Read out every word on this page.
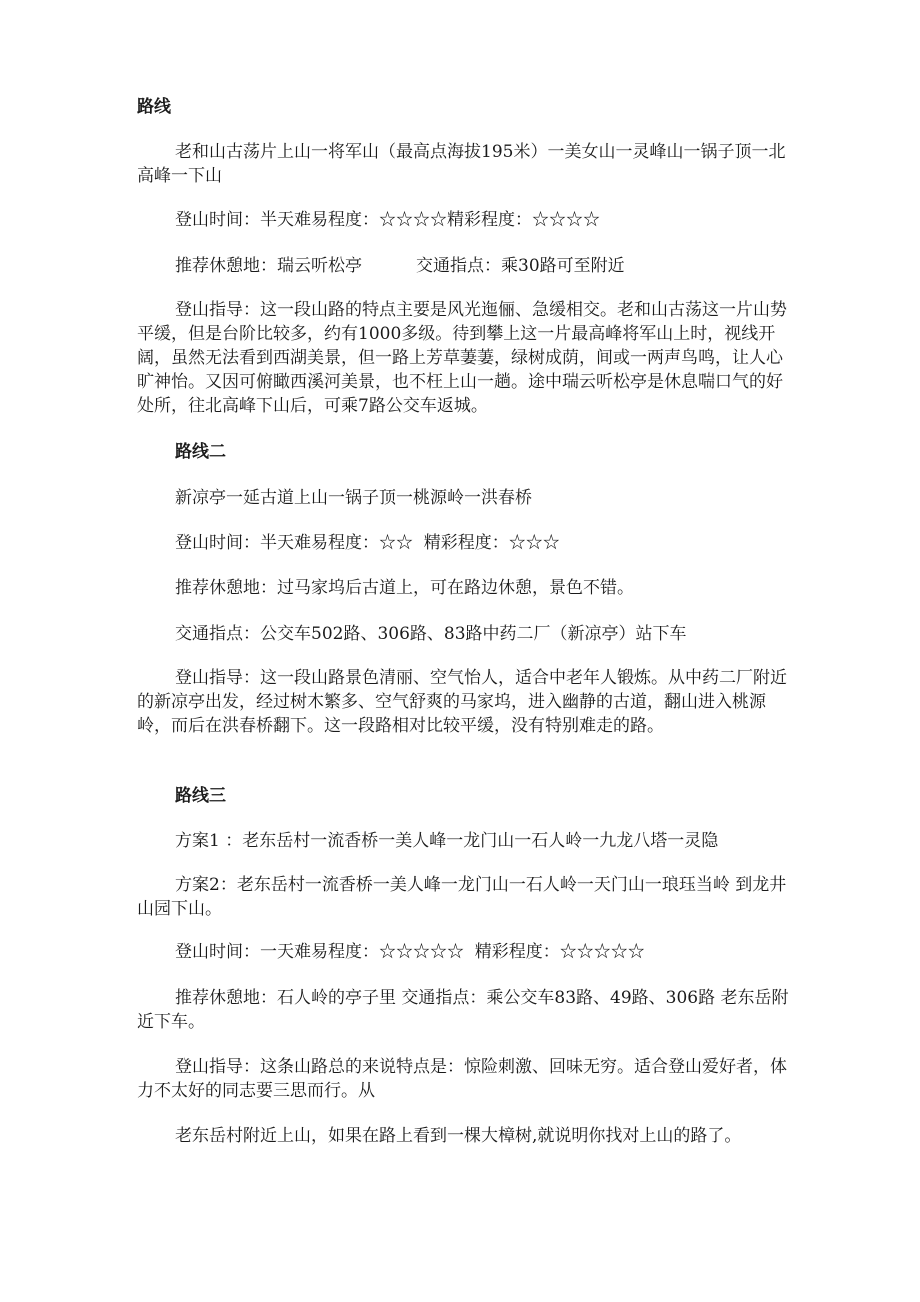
路线
老和山古荡片上山一将军山（最高点海拔195米）一美女山一灵峰山一锅子顶一北高峰一下山
登山时间：半天难易程度：☆☆☆☆精彩程度：☆☆☆☆
推荐休憩地：瑞云听松亭          交通指点：乘30路可至附近
登山指导：这一段山路的特点主要是风光迤俪、急缓相交。老和山古荡这一片山势平缓，但是台阶比较多，约有1000多级。待到攀上这一片最高峰将军山上时，视线开阔，虽然无法看到西湖美景，但一路上芳草萋萋，绿树成荫，间或一两声鸟鸣，让人心旷神怡。又因可俯瞰西溪河美景，也不枉上山一趟。途中瑞云听松亭是休息喘口气的好处所，往北高峰下山后，可乘7路公交车返城。
路线二
新凉亭一延古道上山一锅子顶一桃源岭一洪春桥
登山时间：半天难易程度：☆☆  精彩程度：☆☆☆
推荐休憩地：过马家坞后古道上，可在路边休憩，景色不错。
交通指点：公交车502路、306路、83路中药二厂（新凉亭）站下车
登山指导：这一段山路景色清丽、空气怡人，适合中老年人锻炼。从中药二厂附近的新凉亭出发，经过树木繁多、空气舒爽的马家坞，进入幽静的古道，翻山进入桃源岭，而后在洪春桥翻下。这一段路相对比较平缓，没有特别难走的路。
路线三
方案1 ：老东岳村一流香桥一美人峰一龙门山一石人岭一九龙八塔一灵隐
方案2：老东岳村一流香桥一美人峰一龙门山一石人岭一天门山一琅珏当岭 到龙井山园下山。
登山时间：一天难易程度：☆☆☆☆☆  精彩程度：☆☆☆☆☆
推荐休憩地：石人岭的亭子里 交通指点：乘公交车83路、49路、306路 老东岳附近下车。
登山指导：这条山路总的来说特点是：惊险刺激、回味无穷。适合登山爱好者，体力不太好的同志要三思而行。从
老东岳村附近上山，如果在路上看到一棵大樟树,就说明你找对上山的路了。
